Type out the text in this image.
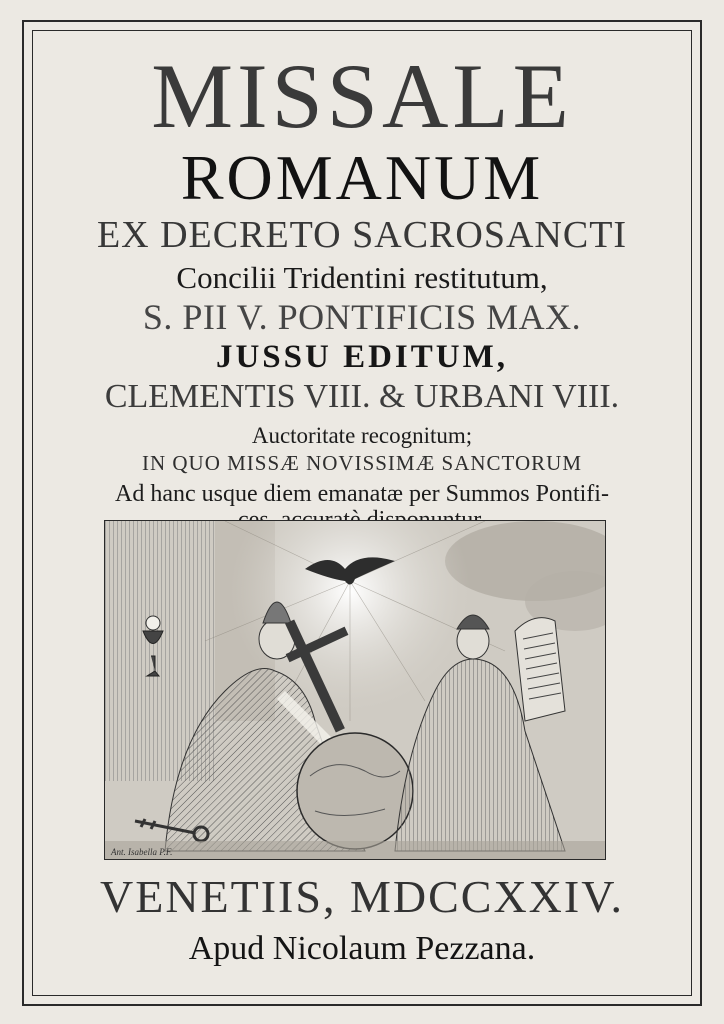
MISSALE
ROMANUM
EX DECRETO SACROSANCTI
Concilii Tridentini restitutum,
S. PII V. PONTIFICIS MAX.
JUSSU EDITUM,
CLEMENTIS VIII. & URBANI VIII.
Auctoritate recognitum;
IN QUO MISSÆ NOVISSIMÆ SANCTORUM
Ad hanc usque diem emanatæ per Summos Pontifi-
Ant. Isabella P.F.
VENETIIS, MDCCXXIV.
Apud Nicolaum Pezzana.
